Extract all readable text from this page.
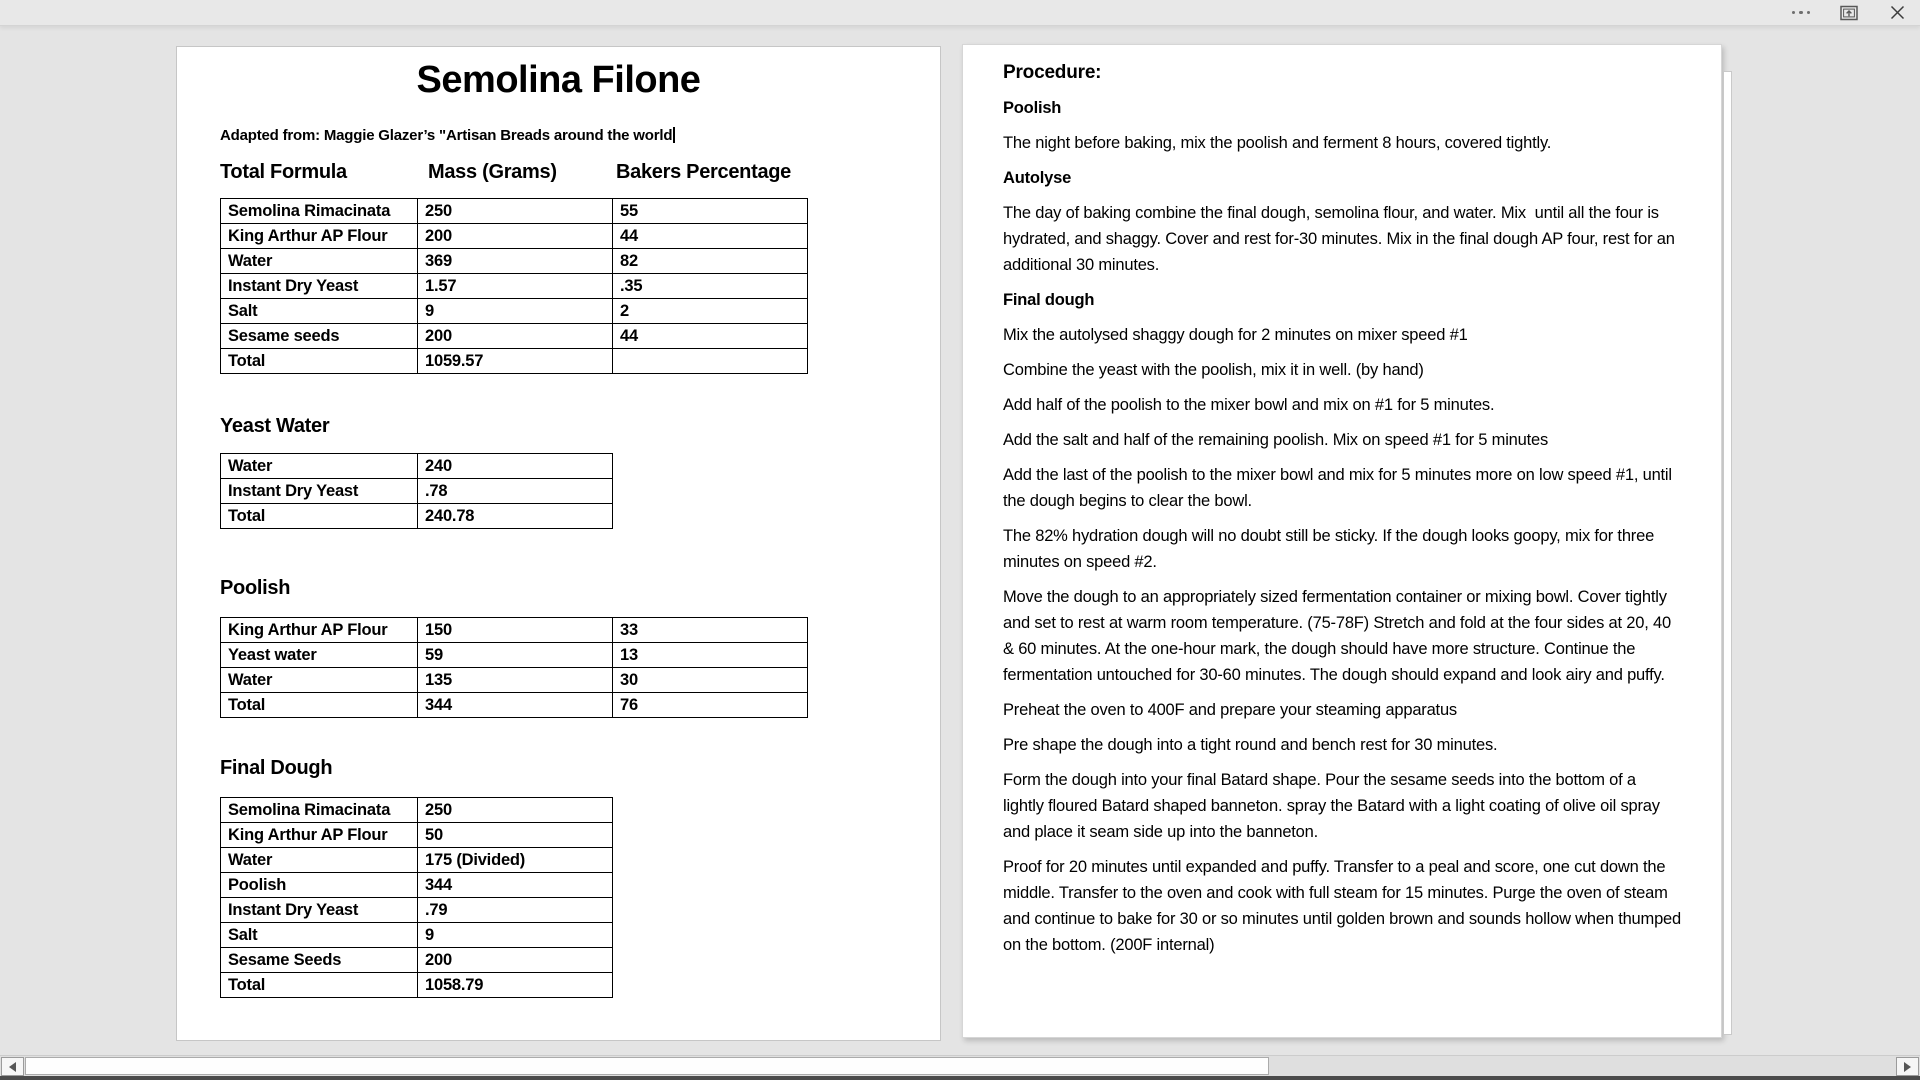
Semolina Filone
Adapted from: Maggie Glazer’s "Artisan Breads around the world
Total Formula	Mass (Grams)	Bakers Percentage
Semolina Rimacinata	250	55
King Arthur AP Flour	200	44
Water	369	82
Instant Dry Yeast	1.57	.35
Salt	9	2
Sesame seeds	200	44
Total	1059.57
Yeast Water
Water	240
Instant Dry Yeast	.78
Total	240.78
Poolish
King Arthur AP Flour	150	33
Yeast water	59	13
Water	135	30
Total	344	76
Final Dough
Semolina Rimacinata	250
King Arthur AP Flour	50
Water	175 (Divided)
Poolish	344
Instant Dry Yeast	.79
Salt	9
Sesame Seeds	200
Total	1058.79
Procedure:
Poolish
The night before baking, mix the poolish and ferment 8 hours, covered tightly.
Autolyse
The day of baking combine the final dough, semolina flour, and water. Mix  until all the four is hydrated, and shaggy. Cover and rest for-30 minutes. Mix in the final dough AP four, rest for an additional 30 minutes.
Final dough
Mix the autolysed shaggy dough for 2 minutes on mixer speed #1
Combine the yeast with the poolish, mix it in well. (by hand)
Add half of the poolish to the mixer bowl and mix on #1 for 5 minutes.
Add the salt and half of the remaining poolish. Mix on speed #1 for 5 minutes
Add the last of the poolish to the mixer bowl and mix for 5 minutes more on low speed #1, until the dough begins to clear the bowl.
The 82% hydration dough will no doubt still be sticky. If the dough looks goopy, mix for three minutes on speed #2.
Move the dough to an appropriately sized fermentation container or mixing bowl. Cover tightly and set to rest at warm room temperature. (75-78F) Stretch and fold at the four sides at 20, 40 & 60 minutes. At the one-hour mark, the dough should have more structure. Continue the fermentation untouched for 30-60 minutes. The dough should expand and look airy and puffy.
Preheat the oven to 400F and prepare your steaming apparatus
Pre shape the dough into a tight round and bench rest for 30 minutes.
Form the dough into your final Batard shape. Pour the sesame seeds into the bottom of a lightly floured Batard shaped banneton. spray the Batard with a light coating of olive oil spray and place it seam side up into the banneton.
Proof for 20 minutes until expanded and puffy. Transfer to a peal and score, one cut down the middle. Transfer to the oven and cook with full steam for 15 minutes. Purge the oven of steam and continue to bake for 30 or so minutes until golden brown and sounds hollow when thumped on the bottom. (200F internal)
